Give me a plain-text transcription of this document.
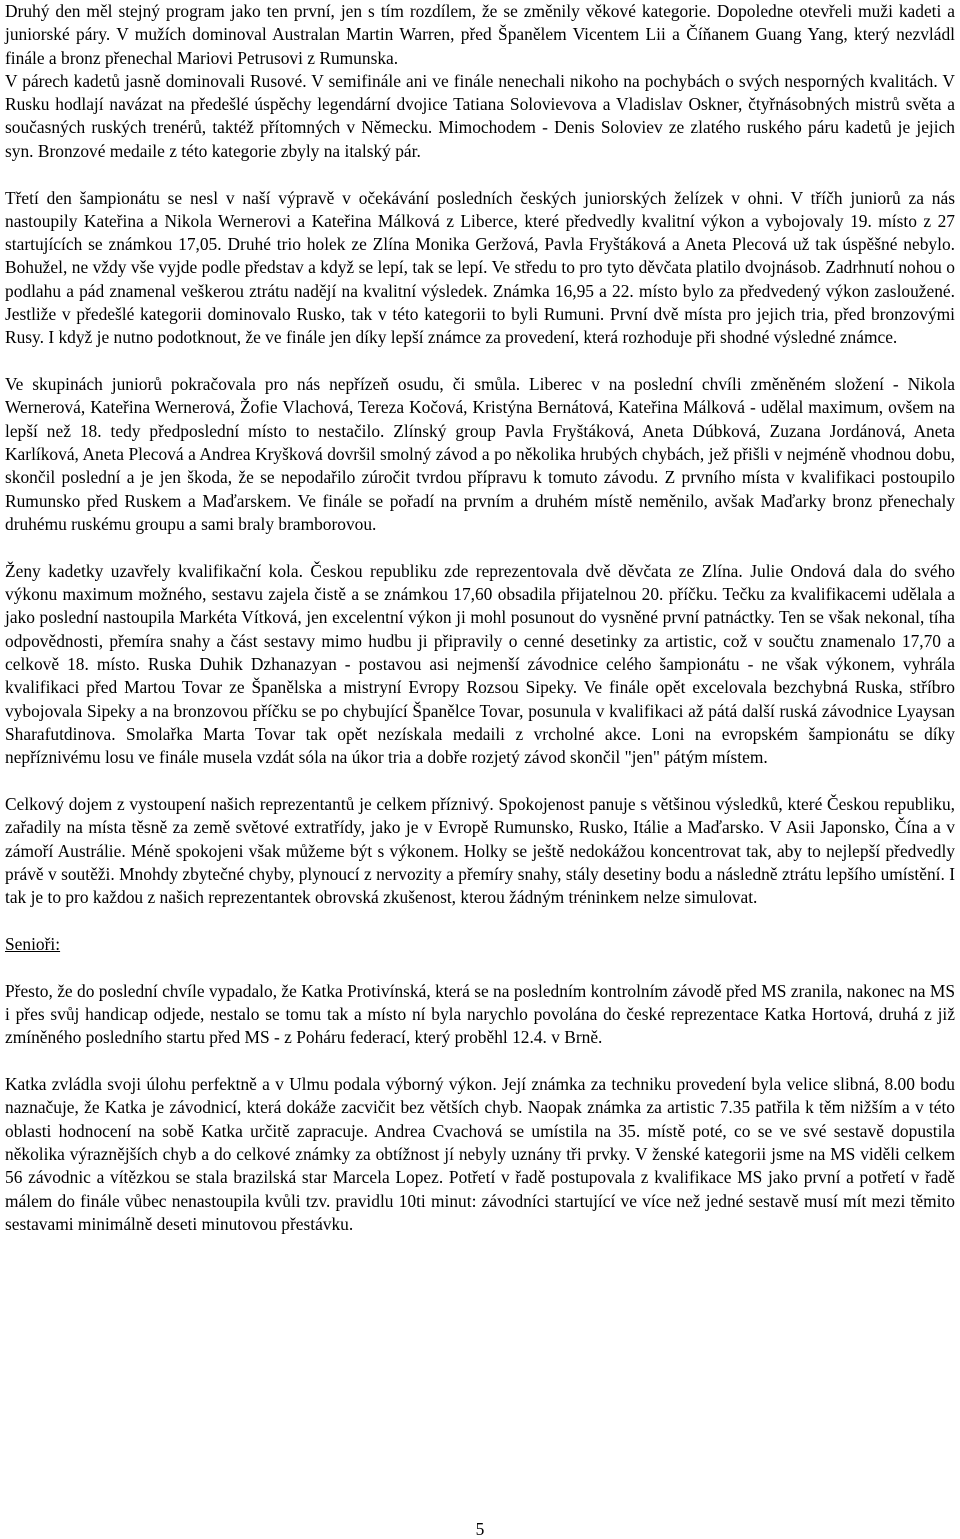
Druhý den měl stejný program jako ten první, jen s tím rozdílem, že se změnily věkové kategorie. Dopoledne otevřeli muži kadeti a juniorské páry. V mužích dominoval Australan Martin Warren, před Španělem Vicentem Lii a Číňanem Guang Yang, který nezvládl finále a bronz přenechal Mariovi Petrusovi z Rumunska.

V párech kadetů jasně dominovali Rusové. V semifinále ani ve finále nenechali nikoho na pochybách o svých nesporných kvalitách. V Rusku hodlají navázat na předešlé úspěchy legendární dvojice Tatiana Solovievova a Vladislav Oskner, čtyřnásobných mistrů světa a současných ruských trenérů, taktéž přítomných v Německu. Mimochodem - Denis Soloviev ze zlatého ruského páru kadetů je jejich syn. Bronzové medaile z této kategorie zbyly na italský pár.

Třetí den šampionátu se nesl v naší výpravě v očekávání posledních českých juniorských želízek v ohni. V tříčh juniorů za nás nastoupily Kateřina a Nikola Wernerovi a Kateřina Málková z Liberce, které předvedly kvalitní výkon a vybojovaly 19. místo z 27 startujících se známkou 17,05. Druhé trio holek ze Zlína Monika Geržová, Pavla Fryštáková a Aneta Plecová už tak úspěšné nebylo. Bohužel, ne vždy vše vyjde podle představ a když se lepí, tak se lepí. Ve středu to pro tyto děvčata platilo dvojnásob. Zadrhnutí nohou o podlahu a pád znamenal veškerou ztrátu nadějí na kvalitní výsledek. Známka 16,95 a 22. místo bylo za předvedený výkon zasloužené. Jestliže v předešlé kategorii dominovalo Rusko, tak v této kategorii to byli Rumuni. První dvě místa pro jejich tria, před bronzovými Rusy. I když je nutno podotknout, že ve finále jen díky lepší známce za provedení, která rozhoduje při shodné výsledné známce.

Ve skupinách juniorů pokračovala pro nás nepřízeň osudu, či smůla. Liberec v na poslední chvíli změněném složení - Nikola Wernerová, Kateřina Wernerová, Žofie Vlachová, Tereza Kočová, Kristýna Bernátová, Kateřina Málková - udělal maximum, ovšem na lepší než 18. tedy předposlední místo to nestačilo. Zlínský group Pavla Fryštáková, Aneta Dúbková, Zuzana Jordánová, Aneta Karlíková, Aneta Plecová a Andrea Kryšková dovršil smolný závod a po několika hrubých chybách, jež přišli v nejméně vhodnou dobu, skončil poslední a je jen škoda, že se nepodařilo zúročit tvrdou přípravu k tomuto závodu. Z prvního místa v kvalifikaci postoupilo Rumunsko před Ruskem a Maďarskem. Ve finále se pořadí na prvním a druhém místě neměnilo, avšak Maďarky bronz přenechaly druhému ruskému groupu a sami braly bramborovou.

Ženy kadetky uzavřely kvalifikační kola. Českou republiku zde reprezentovala dvě děvčata ze Zlína. Julie Ondová dala do svého výkonu maximum možného, sestavu zajela čistě a se známkou 17,60 obsadila přijatelnou 20. příčku. Tečku za kvalifikacemi udělala a jako poslední nastoupila Markéta Vítková, jen excelentní výkon ji mohl posunout do vysněné první patnáctky. Ten se však nekonal, tíha odpovědnosti, přemíra snahy a část sestavy mimo hudbu ji připravily o cenné desetinky za artistic, což v součtu znamenalo 17,70 a celkově 18. místo. Ruska Duhik Dzhanazyan - postavou asi nejmenší závodnice celého šampionátu - ne však výkonem, vyhrála kvalifikaci před Martou Tovar ze Španělska a mistryní Evropy Rozsou Sipeky. Ve finále opět excelovala bezchybná Ruska, stříbro vybojovala Sipeky a na bronzovou příčku se po chybující Španělce Tovar, posunula v kvalifikaci až pátá další ruská závodnice Lyaysan Sharafutdinova. Smolařka Marta Tovar tak opět nezískala medaili z vrcholné akce. Loni na evropském šampionátu se díky nepříznivému losu ve finále musela vzdát sóla na úkor tria a dobře rozjetý závod skončil "jen" pátým místem.

Celkový dojem z vystoupení našich reprezentantů je celkem příznivý. Spokojenost panuje s většinou výsledků, které Českou republiku, zařadily na místa těsně za země světové extratřídy, jako je v Evropě Rumunsko, Rusko, Itálie a Maďarsko. V Asii Japonsko, Čína a v zámoří Austrálie. Méně spokojeni však můžeme být s výkonem. Holky se ještě nedokážou koncentrovat tak, aby to nejlepší předvedly právě v soutěži. Mnohdy zbytečné chyby, plynoucí z nervozity a přemíry snahy, stály desetiny bodu a následně ztrátu lepšího umístění. I tak je to pro každou z našich reprezentantek obrovská zkušenost, kterou žádným tréninkem nelze simulovat.

Senioři:

Přesto, že do poslední chvíle vypadalo, že Katka Protivínská, která se na posledním kontrolním závodě před MS zranila, nakonec na MS i přes svůj handicap odjede, nestalo se tomu tak a místo ní byla narychlo povolána do české reprezentace Katka Hortová, druhá z již zmíněného posledního startu před MS - z Poháru federací, který proběhl 12.4. v Brně.

Katka zvládla svoji úlohu perfektně a v Ulmu podala výborný výkon. Její známka za techniku provedení byla velice slibná, 8.00 bodu naznačuje, že Katka je závodnicí, která dokáže zacvičit bez větších chyb. Naopak známka za artistic 7.35 patřila k těm nižším a v této oblasti hodnocení na sobě Katka určitě zapracuje. Andrea Cvachová se umístila na 35. místě poté, co se ve své sestavě dopustila několika výraznějších chyb a do celkové známky za obtížnost jí nebyly uznány tři prvky. V ženské kategorii jsme na MS viděli celkem 56 závodnic a vítězkou se stala brazilská star Marcela Lopez. Potřetí v řadě postupovala z kvalifikace MS jako první a potřetí v řadě málem do finále vůbec nenastoupila kvůli tzv. pravidlu 10ti minut: závodníci startující ve více než jedné sestavě musí mít mezi těmito sestavami minimálně deseti minutovou přestávku.

5
